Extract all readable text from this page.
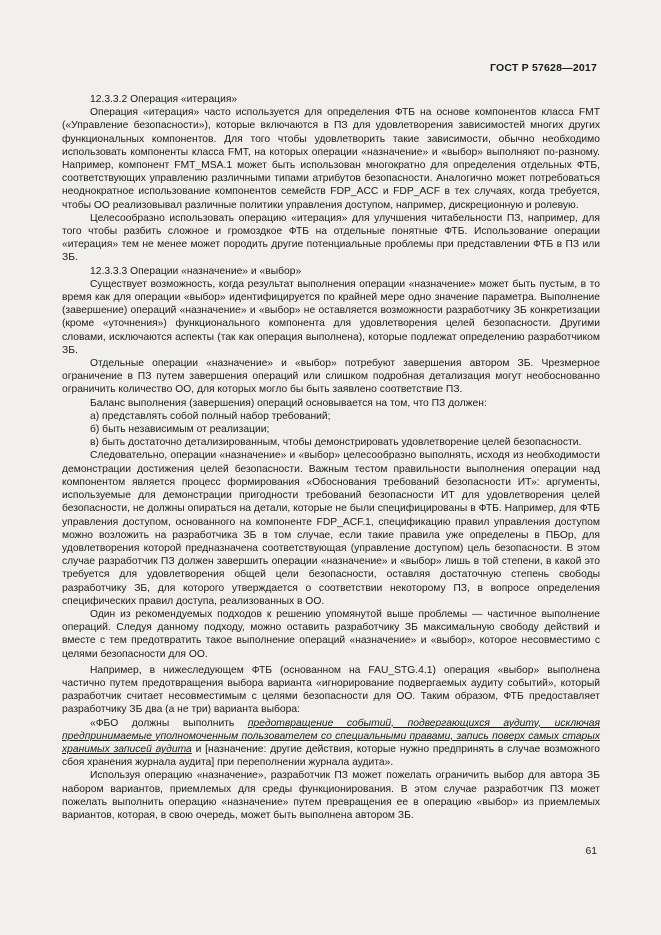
ГОСТ Р 57628—2017

12.3.3.2 Операция «итерация»

Операция «итерация» часто используется для определения ФТБ на основе компонентов класса FMT («Управление безопасности»), которые включаются в ПЗ для удовлетворения зависимостей многих других функциональных компонентов. Для того чтобы удовлетворить такие зависимости, обычно необходимо использовать компоненты класса FMT, на которых операции «назначение» и «выбор» выполняют по-разному. Например, компонент FMT_MSA.1 может быть использован многократно для определения отдельных ФТБ, соответствующих управлению различными типами атрибутов безопасности. Аналогично может потребоваться неоднократное использование компонентов семейств FDP_ACC и FDP_ACF в тех случаях, когда требуется, чтобы ОО реализовывал различные политики управления доступом, например, дискреционную и ролевую.

Целесообразно использовать операцию «итерация» для улучшения читабельности ПЗ, например, для того чтобы разбить сложное и громоздкое ФТБ на отдельные понятные ФТБ. Использование операции «итерация» тем не менее может породить другие потенциальные проблемы при представлении ФТБ в ПЗ или ЗБ.

12.3.3.3 Операции «назначение» и «выбор»

Существует возможность, когда результат выполнения операции «назначение» может быть пустым, в то время как для операции «выбор» идентифицируется по крайней мере одно значение параметра. Выполнение (завершение) операций «назначение» и «выбор» не оставляется возможности разработчику ЗБ конкретизации (кроме «уточнения») функционального компонента для удовлетворения целей безопасности. Другими словами, исключаются аспекты (так как операция выполнена), которые подлежат определению разработчиком ЗБ.

Отдельные операции «назначение» и «выбор» потребуют завершения автором ЗБ. Чрезмерное ограничение в ПЗ путем завершения операций или слишком подробная детализация могут необоснованно ограничить количество ОО, для которых могло бы быть заявлено соответствие ПЗ.

Баланс выполнения (завершения) операций основывается на том, что ПЗ должен:

а) представлять собой полный набор требований;

б) быть независимым от реализации;

в) быть достаточно детализированным, чтобы демонстрировать удовлетворение целей безопасности.

Следовательно, операции «назначение» и «выбор» целесообразно выполнять, исходя из необходимости демонстрации достижения целей безопасности. Важным тестом правильности выполнения операции над компонентом является процесс формирования «Обоснования требований безопасности ИТ»: аргументы, используемые для демонстрации пригодности требований безопасности ИТ для удовлетворения целей безопасности, не должны опираться на детали, которые не были специфицированы в ФТБ. Например, для ФТБ управления доступом, основанного на компоненте FDP_ACF.1, спецификацию правил управления доступом можно возложить на разработчика ЗБ в том случае, если такие правила уже определены в ПБОр, для удовлетворения которой предназначена соответствующая (управление доступом) цель безопасности. В этом случае разработчик ПЗ должен завершить операции «назначение» и «выбор» лишь в той степени, в какой это требуется для удовлетворения общей цели безопасности, оставляя достаточную степень свободы разработчику ЗБ, для которого утверждается о соответствии некоторому ПЗ, в вопросе определения специфических правил доступа, реализованных в ОО.

Один из рекомендуемых подходов к решению упомянутой выше проблемы — частичное выполнение операций. Следуя данному подходу, можно оставить разработчику ЗБ максимальную свободу действий и вместе с тем предотвратить такое выполнение операций «назначение» и «выбор», которое несовместимо с целями безопасности для ОО.

Например, в нижеследующем ФТБ (основанном на FAU_STG.4.1) операция «выбор» выполнена частично путем предотвращения выбора варианта «игнорирование подвергаемых аудиту событий», который разработчик считает несовместимым с целями безопасности для ОО. Таким образом, ФТБ предоставляет разработчику ЗБ два (а не три) варианта выбора:

«ФБО должны выполнить предотвращение событий, подвергающихся аудиту, исключая предпринимаемые уполномоченным пользователем со специальными правами, запись поверх самых старых хранимых записей аудита и [назначение: другие действия, которые нужно предпринять в случае возможного сбоя хранения журнала аудита] при переполнении журнала аудита».

Используя операцию «назначение», разработчик ПЗ может пожелать ограничить выбор для автора ЗБ набором вариантов, приемлемых для среды функционирования. В этом случае разработчик ПЗ может пожелать выполнить операцию «назначение» путем превращения ее в операцию «выбор» из приемлемых вариантов, которая, в свою очередь, может быть выполнена автором ЗБ.

61
